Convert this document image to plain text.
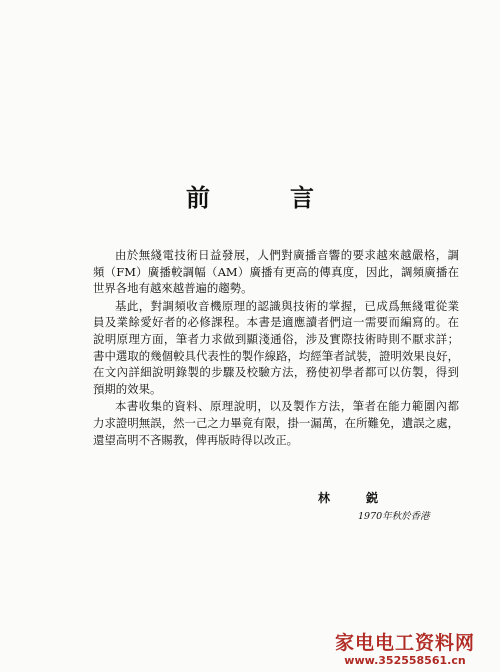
前　言
由於無綫電技術日益發展，人們對廣播音響的要求越來越嚴格，調
頻（FM）廣播較調幅（AM）廣播有更高的傳真度，因此，調頻廣播在
世界各地有越來越普遍的趨勢。
基此，對調頻收音機原理的認識與技術的掌握，已成爲無綫電從業
員及業餘愛好者的必修課程。本書是適應讀者們這一需要而編寫的。在
說明原理方面，筆者力求做到顯淺通俗，涉及實際技術時則不厭求詳；
書中選取的幾個較具代表性的製作線路，均經筆者試裝，證明效果良好，
在文內詳細說明錄製的步驟及校驗方法，務使初學者都可以仿製，得到
預期的效果。
本書收集的資料、原理說明，以及製作方法，筆者在能力範圍內都
力求證明無誤，然一己之力畢竟有限，掛一漏萬，在所難免，遺誤之處，
還望高明不吝賜教，俾再版時得以改正。
林　鋭
1970年秋於香港
家电电工资料网
www.352558561.cn
